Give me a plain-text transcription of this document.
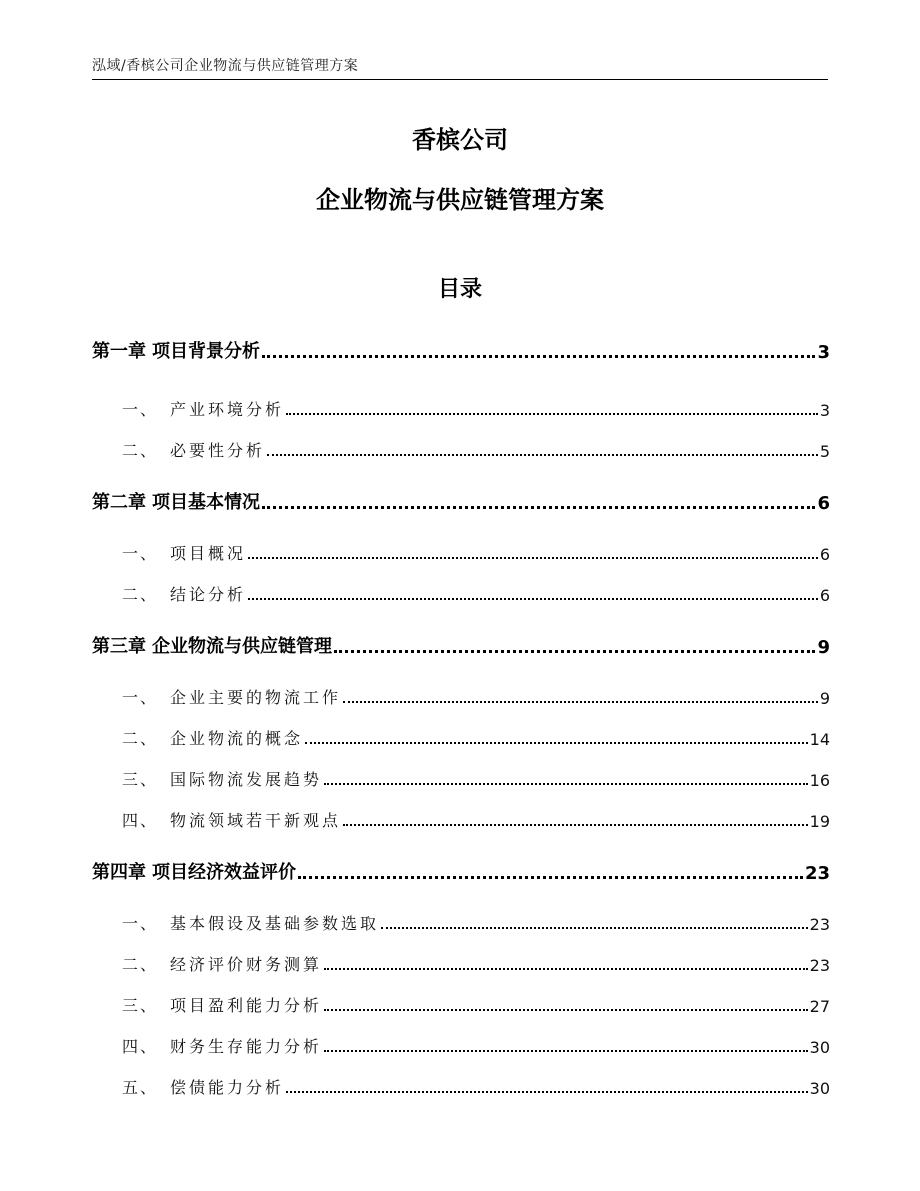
泓域/香槟公司企业物流与供应链管理方案
香槟公司
企业物流与供应链管理方案
目录
第一章 项目背景分析	3
一、 产业环境分析	3
二、 必要性分析	5
第二章 项目基本情况	6
一、 项目概况	6
二、 结论分析	6
第三章 企业物流与供应链管理	9
一、 企业主要的物流工作	9
二、 企业物流的概念	14
三、 国际物流发展趋势	16
四、 物流领域若干新观点	19
第四章 项目经济效益评价	23
一、 基本假设及基础参数选取	23
二、 经济评价财务测算	23
三、 项目盈利能力分析	27
四、 财务生存能力分析	30
五、 偿债能力分析	30
